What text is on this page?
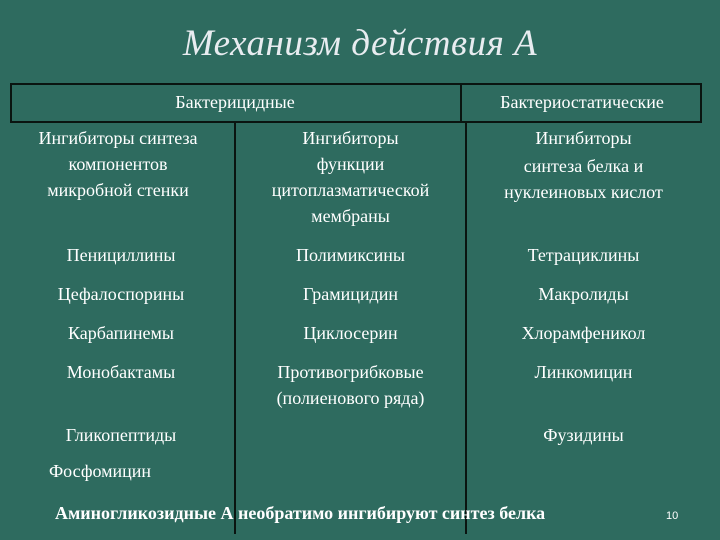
Механизм действия А
Бактерицидные	Бактериостатические
Ингибиторы синтеза
компонентов
микробной стенки
Ингибиторы
функции
цитоплазматической
мембраны
Ингибиторы
синтеза белка и
нуклеиновых кислот
Пенициллины
Цефалоспорины
Карбапинемы
Монобактамы
Гликопептиды
Фосфомицин
Полимиксины
Грамицидин
Циклосерин
Противогрибковые
(полиенового ряда)
Тетрациклины
Макролиды
Хлорамфеникол
Линкомицин
Фузидины
Аминогликозидные А необратимо ингибируют синтез белка	10
